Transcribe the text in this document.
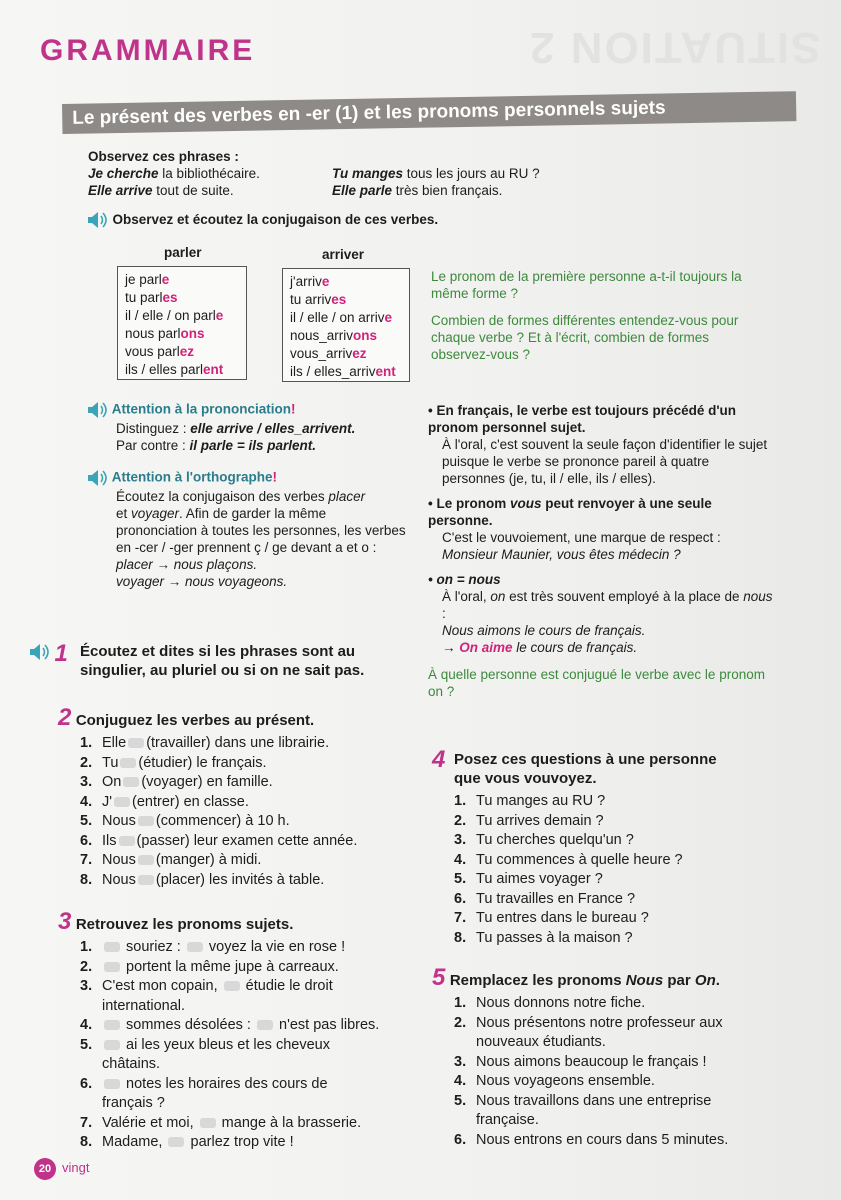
SITUATION 2
GRAMMAIRE
Le présent des verbes en -er (1) et les pronoms personnels sujets
Observez ces phrases :
Je cherche la bibliothécaire.
Elle arrive tout de suite.
Tu manges tous les jours au RU ?
Elle parle très bien français.
Observez et écoutez la conjugaison de ces verbes.
parler	arriver
je parle
tu parles
il / elle / on parle
nous parlons
vous parlez
ils / elles parlent
j'arrive
tu arrives
il / elle / on arrive
nous_arrivons
vous_arrivez
ils / elles_arrivent
Le pronom de la première personne a-t-il toujours la même forme ?
Combien de formes différentes entendez-vous pour chaque verbe ? Et à l'écrit, combien de formes observez-vous ?
Attention à la prononciation!
Distinguez : elle arrive / elles_arrivent.
Par contre : il parle = ils parlent.
Attention à l'orthographe!
Écoutez la conjugaison des verbes placer
et voyager. Afin de garder la même
prononciation à toutes les personnes, les verbes
en -cer / -ger prennent ç / ge devant a et o :
placer → nous plaçons.
voyager → nous voyageons.
• En français, le verbe est toujours précédé d'un pronom personnel sujet.
À l'oral, c'est souvent la seule façon d'identifier le sujet puisque le verbe se prononce pareil à quatre personnes (je, tu, il / elle, ils / elles).
• Le pronom vous peut renvoyer à une seule personne.
C'est le vouvoiement, une marque de respect :
Monsieur Maunier, vous êtes médecin ?
• on = nous
À l'oral, on est très souvent employé à la place de nous :
Nous aimons le cours de français.
→ On aime le cours de français.
À quelle personne est conjugué le verbe avec le pronom on ?
1 Écoutez et dites si les phrases sont au singulier, au pluriel ou si on ne sait pas.
2 Conjuguez les verbes au présent.
1. Elle (travailler) dans une librairie.
2. Tu (étudier) le français.
3. On (voyager) en famille.
4. J' (entrer) en classe.
5. Nous (commencer) à 10 h.
6. Ils (passer) leur examen cette année.
7. Nous (manger) à midi.
8. Nous (placer) les invités à table.
3 Retrouvez les pronoms sujets.
1. souriez : voyez la vie en rose !
2. portent la même jupe à carreaux.
3. C'est mon copain, étudie le droit international.
4. sommes désolées : n'est pas libres.
5. ai les yeux bleus et les cheveux châtains.
6. notes les horaires des cours de français ?
7. Valérie et moi, mange à la brasserie.
8. Madame, parlez trop vite !
4 Posez ces questions à une personne que vous vouvoyez.
1. Tu manges au RU ?
2. Tu arrives demain ?
3. Tu cherches quelqu'un ?
4. Tu commences à quelle heure ?
5. Tu aimes voyager ?
6. Tu travailles en France ?
7. Tu entres dans le bureau ?
8. Tu passes à la maison ?
5 Remplacez les pronoms Nous par On.
1. Nous donnons notre fiche.
2. Nous présentons notre professeur aux nouveaux étudiants.
3. Nous aimons beaucoup le français !
4. Nous voyageons ensemble.
5. Nous travaillons dans une entreprise française.
6. Nous entrons en cours dans 5 minutes.
20 vingt
